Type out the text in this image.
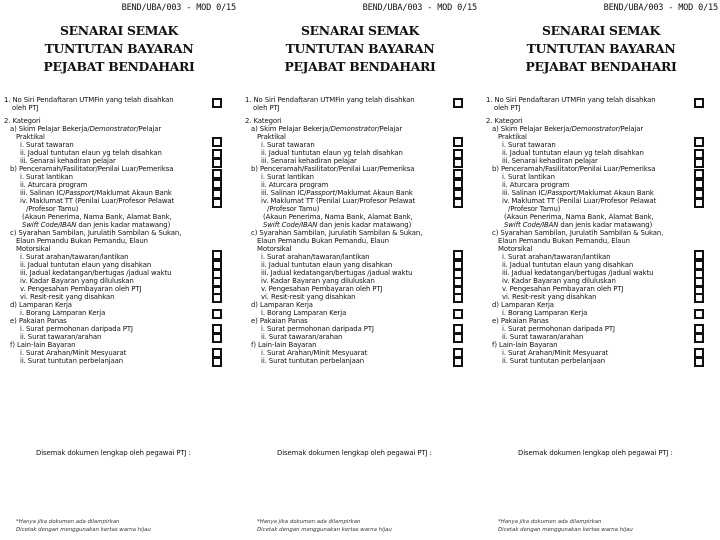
BEND/UBA/003 - MOD 0/15
SENARAI SEMAK
TUNTUTAN BAYARAN
PEJABAT BENDAHARI
1. No Siri Pendaftaran UTMFin yang telah disahkan
oleh PTJ
2. Kategori
a) Skim Pelajar Bekerja/Demonstrator/Pelajar
Praktikal
i. Surat tawaran
ii. Jadual tuntutan elaun yg telah disahkan
iii. Senarai kehadiran pelajar
b) Penceramah/Fasilitator/Penilai Luar/Pemeriksa
i. Surat lantikan
ii. Aturcara program
iii. Salinan IC/Passport/Maklumat Akaun Bank
iv. Maklumat TT (Penilai Luar/Profesor Pelawat
/Profesor Tamu)
(Akaun Penerima, Nama Bank, Alamat Bank,
Swift Code/IBAN dan jenis kadar matawang)
c) Syarahan Sambilan, Jurulatih Sambilan & Sukan,
Elaun Pemandu Bukan Pemandu, Elaun
Motorsikal
i. Surat arahan/tawaran/lantikan
ii. Jadual tuntutan elaun yang disahkan
iii. Jadual kedatangan/bertugas /jadual waktu
iv. Kadar Bayaran yang diluluskan
v. Pengesahan Pembayaran oleh PTJ
vi. Resit-resit yang disahkan
d) Lamparan Kerja
i. Borang Lamparan Kerja
e) Pakaian Panas
i. Surat permohonan daripada PTJ
ii. Surat tawaran/arahan
f) Lain-lain Bayaran
i. Surat Arahan/Minit Mesyuarat
ii. Surat tuntutan perbelanjaan
Disemak dokumen lengkap oleh pegawai PTJ :
*Hanya jika dokumen ada dilampirkan
Dicetak dengan menggunakan kertas warna hijau
BEND/UBA/003 - MOD 0/15
SENARAI SEMAK
TUNTUTAN BAYARAN
PEJABAT BENDAHARI
1. No Siri Pendaftaran UTMFin yang telah disahkan
oleh PTJ
2. Kategori
a) Skim Pelajar Bekerja/Demonstrator/Pelajar
Praktikal
i. Surat tawaran
ii. Jadual tuntutan elaun yg telah disahkan
iii. Senarai kehadiran pelajar
b) Penceramah/Fasilitator/Penilai Luar/Pemeriksa
i. Surat lantikan
ii. Aturcara program
iii. Salinan IC/Passport/Maklumat Akaun Bank
iv. Maklumat TT (Penilai Luar/Profesor Pelawat
/Profesor Tamu)
(Akaun Penerima, Nama Bank, Alamat Bank,
Swift Code/IBAN dan jenis kadar matawang)
c) Syarahan Sambilan, Jurulatih Sambilan & Sukan,
Elaun Pemandu Bukan Pemandu, Elaun
Motorsikal
i. Surat arahan/tawaran/lantikan
ii. Jadual tuntutan elaun yang disahkan
iii. Jadual kedatangan/bertugas /jadual waktu
iv. Kadar Bayaran yang diluluskan
v. Pengesahan Pembayaran oleh PTJ
vi. Resit-resit yang disahkan
d) Lamparan Kerja
i. Borang Lamparan Kerja
e) Pakaian Panas
i. Surat permohonan daripada PTJ
ii. Surat tawaran/arahan
f) Lain-lain Bayaran
i. Surat Arahan/Minit Mesyuarat
ii. Surat tuntutan perbelanjaan
Disemak dokumen lengkap oleh pegawai PTJ :
*Hanya jika dokumen ada dilampirkan
Dicetak dengan menggunakan kertas warna hijau
BEND/UBA/003 - MOD 0/15
SENARAI SEMAK
TUNTUTAN BAYARAN
PEJABAT BENDAHARI
1. No Siri Pendaftaran UTMFin yang telah disahkan
oleh PTJ
2. Kategori
a) Skim Pelajar Bekerja/Demonstrator/Pelajar
Praktikal
i. Surat tawaran
ii. Jadual tuntutan elaun yg telah disahkan
iii. Senarai kehadiran pelajar
b) Penceramah/Fasilitator/Penilai Luar/Pemeriksa
i. Surat lantikan
ii. Aturcara program
iii. Salinan IC/Passport/Maklumat Akaun Bank
iv. Maklumat TT (Penilai Luar/Profesor Pelawat
/Profesor Tamu)
(Akaun Penerima, Nama Bank, Alamat Bank,
Swift Code/IBAN dan jenis kadar matawang)
c) Syarahan Sambilan, Jurulatih Sambilan & Sukan,
Elaun Pemandu Bukan Pemandu, Elaun
Motorsikal
i. Surat arahan/tawaran/lantikan
ii. Jadual tuntutan elaun yang disahkan
iii. Jadual kedatangan/bertugas /jadual waktu
iv. Kadar Bayaran yang diluluskan
v. Pengesahan Pembayaran oleh PTJ
vi. Resit-resit yang disahkan
d) Lamparan Kerja
i. Borang Lamparan Kerja
e) Pakaian Panas
i. Surat permohonan daripada PTJ
ii. Surat tawaran/arahan
f) Lain-lain Bayaran
i. Surat Arahan/Minit Mesyuarat
ii. Surat tuntutan perbelanjaan
Disemak dokumen lengkap oleh pegawai PTJ :
*Hanya jika dokumen ada dilampirkan
Dicetak dengan menggunakan kertas warna hijau
